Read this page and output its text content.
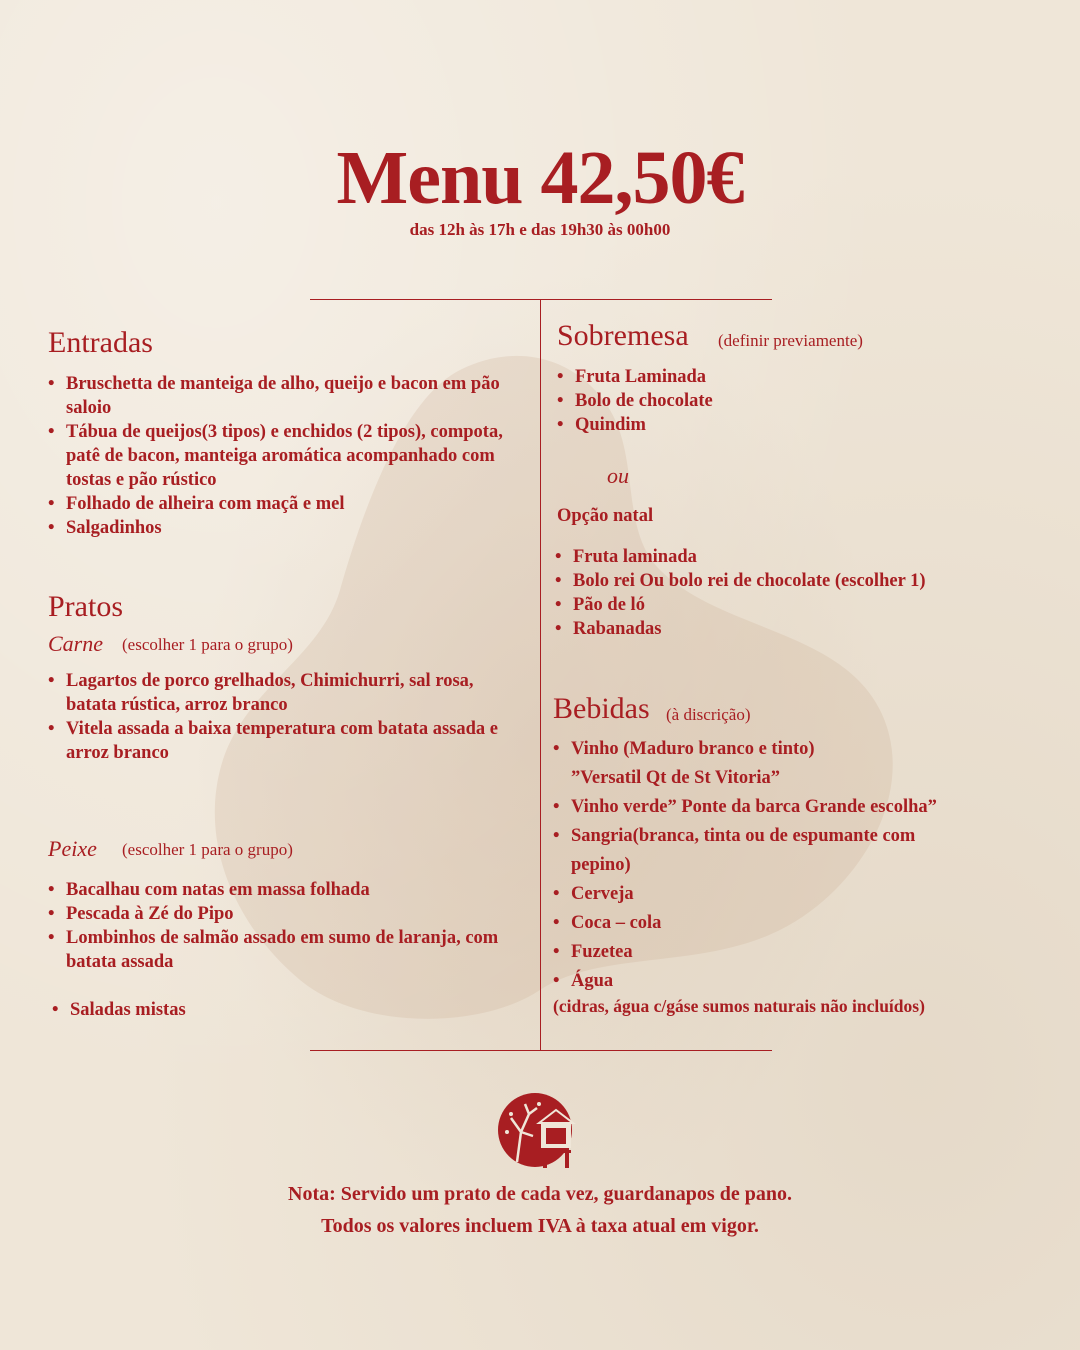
Menu 42,50€
das 12h às 17h e das 19h30 às 00h00
Entradas
• Bruschetta de manteiga de alho, queijo e bacon em pão saloio
• Tábua de queijos(3 tipos) e enchidos (2 tipos), compota, patê de bacon, manteiga aromática acompanhado com tostas e pão rústico
• Folhado de alheira com maçã e mel
• Salgadinhos
Pratos
Carne (escolher 1 para o grupo)
• Lagartos de porco grelhados, Chimichurri, sal rosa, batata rústica, arroz branco
• Vitela assada a baixa temperatura com batata assada e arroz branco
Peixe (escolher 1 para o grupo)
• Bacalhau com natas em massa folhada
• Pescada à Zé do Pipo
• Lombinhos de salmão assado em sumo de laranja, com batata assada
• Saladas mistas
Sobremesa (definir previamente)
• Fruta Laminada
• Bolo de chocolate
• Quindim
ou
Opção natal
• Fruta laminada
• Bolo rei Ou bolo rei de chocolate (escolher 1)
• Pão de ló
• Rabanadas
Bebidas (à discrição)
• Vinho (Maduro branco e tinto)
”Versatil Qt de St Vitoria”
• Vinho verde” Ponte da barca Grande escolha”
• Sangria(branca, tinta ou de espumante com
pepino)
• Cerveja
• Coca – cola
• Fuzetea
• Água
(cidras, água c/gáse sumos naturais não incluídos)
Nota: Servido um prato de cada vez, guardanapos de pano.
Todos os valores incluem IVA à taxa atual em vigor.
